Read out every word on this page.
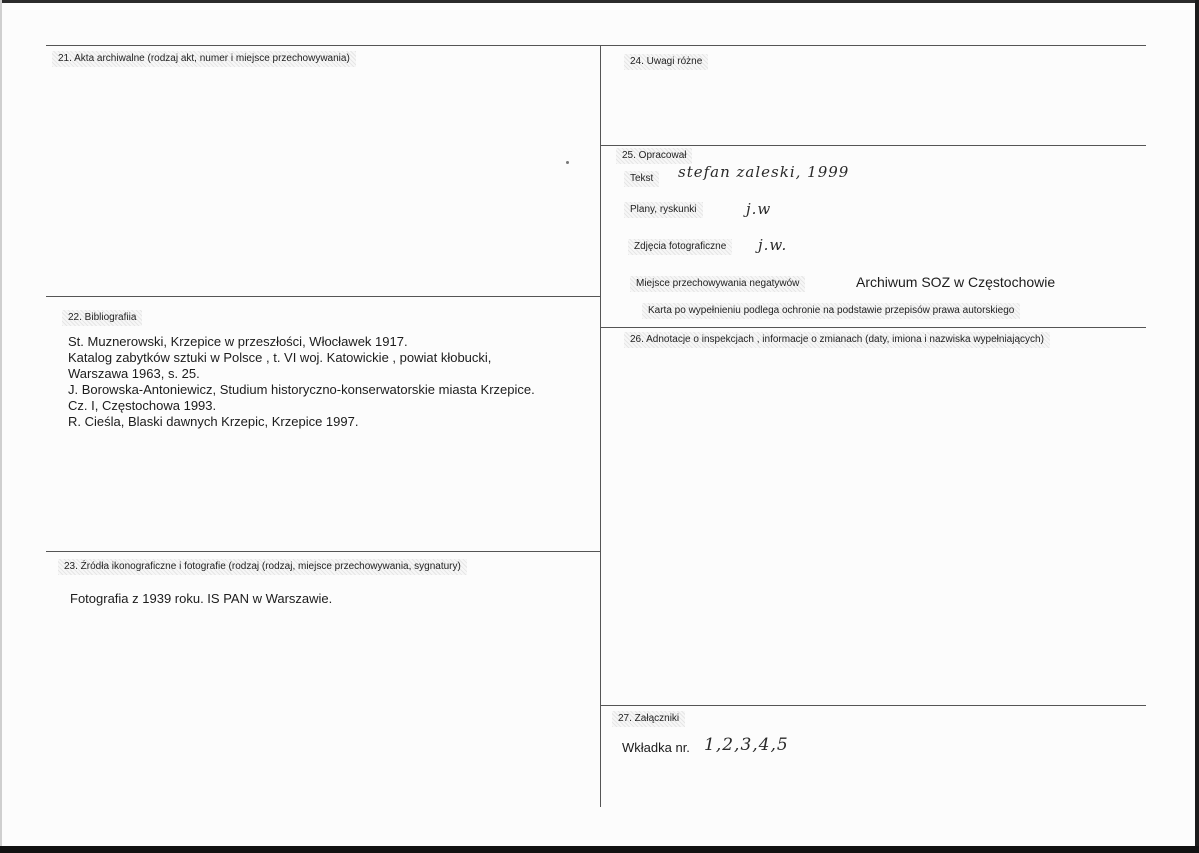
21. Akta archiwalne (rodzaj akt, numer i miejsce przechowywania)
22. Bibliografiia
St. Muznerowski, Krzepice w przeszłości, Włocławek 1917.
Katalog zabytków sztuki w Polsce , t. VI woj. Katowickie , powiat kłobucki,
Warszawa 1963, s. 25.
J. Borowska-Antoniewicz, Studium historyczno-konserwatorskie miasta Krzepice.
Cz. I, Częstochowa 1993.
R. Cieśla, Blaski dawnych Krzepic, Krzepice 1997.
23. Źródła ikonograficzne i fotografie (rodzaj (rodzaj, miejsce przechowywania, sygnatury)
Fotografia z 1939 roku. IS PAN w Warszawie.
24. Uwagi różne
25. Opracował
Tekst	stefan zaleski, 1999
Plany, ryskunki	j.w
Zdjęcia fotograficzne	j.w.
Miejsce przechowywania negatywów	Archiwum SOZ w Częstochowie
Karta po wypełnieniu podlega ochronie na podstawie przepisów prawa autorskiego
26. Adnotacje o inspekcjach , informacje o zmianach (daty, imiona i nazwiska wypełniających)
27. Załączniki
Wkładka nr. 1,2,3,4,5
